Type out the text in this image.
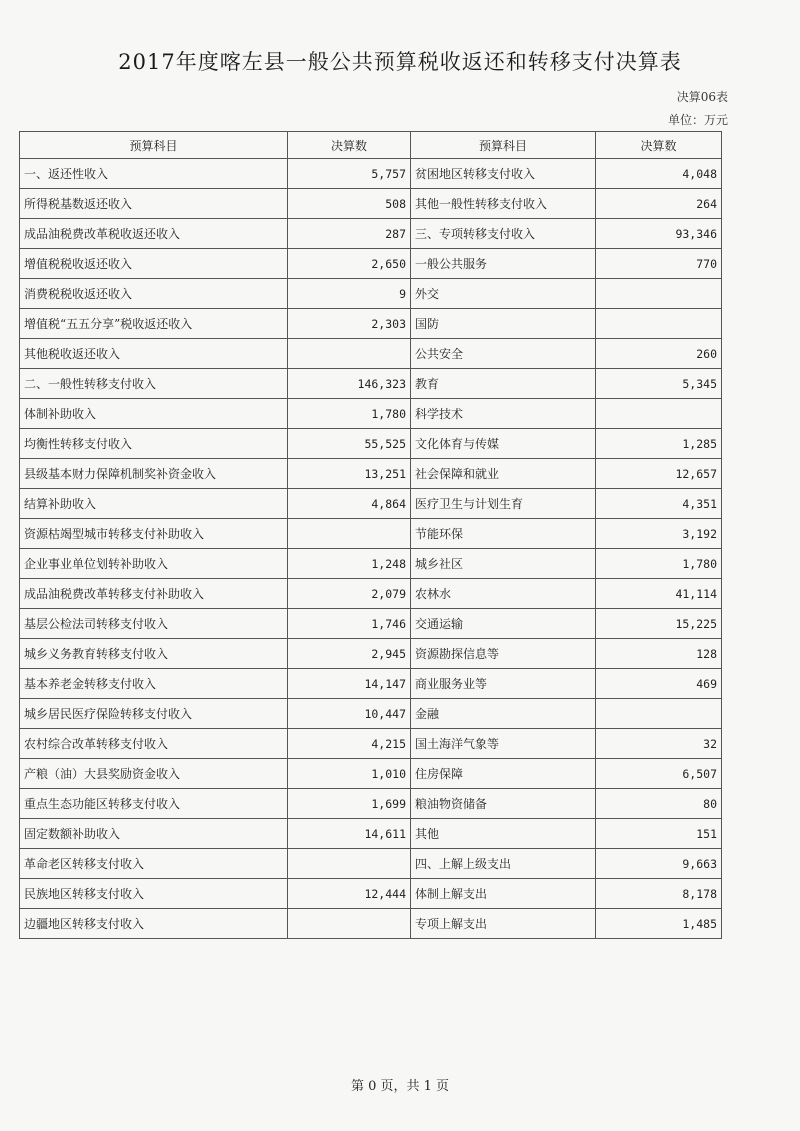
2017年度喀左县一般公共预算税收返还和转移支付决算表
决算06表
单位：万元
预算科目	决算数	预算科目	决算数
一、返还性收入	5,757	贫困地区转移支付收入	4,048
所得税基数返还收入	508	其他一般性转移支付收入	264
成品油税费改革税收返还收入	287	三、专项转移支付收入	93,346
增值税税收返还收入	2,650	一般公共服务	770
消费税税收返还收入	9	外交	
增值税“五五分享”税收返还收入	2,303	国防	
其他税收返还收入		公共安全	260
二、一般性转移支付收入	146,323	教育	5,345
体制补助收入	1,780	科学技术	
均衡性转移支付收入	55,525	文化体育与传媒	1,285
县级基本财力保障机制奖补资金收入	13,251	社会保障和就业	12,657
结算补助收入	4,864	医疗卫生与计划生育	4,351
资源枯竭型城市转移支付补助收入		节能环保	3,192
企业事业单位划转补助收入	1,248	城乡社区	1,780
成品油税费改革转移支付补助收入	2,079	农林水	41,114
基层公检法司转移支付收入	1,746	交通运输	15,225
城乡义务教育转移支付收入	2,945	资源勘探信息等	128
基本养老金转移支付收入	14,147	商业服务业等	469
城乡居民医疗保险转移支付收入	10,447	金融	
农村综合改革转移支付收入	4,215	国土海洋气象等	32
产粮（油）大县奖励资金收入	1,010	住房保障	6,507
重点生态功能区转移支付收入	1,699	粮油物资储备	80
固定数额补助收入	14,611	其他	151
革命老区转移支付收入		四、上解上级支出	9,663
民族地区转移支付收入	12,444	体制上解支出	8,178
边疆地区转移支付收入		专项上解支出	1,485
第 0 页，共 1 页
